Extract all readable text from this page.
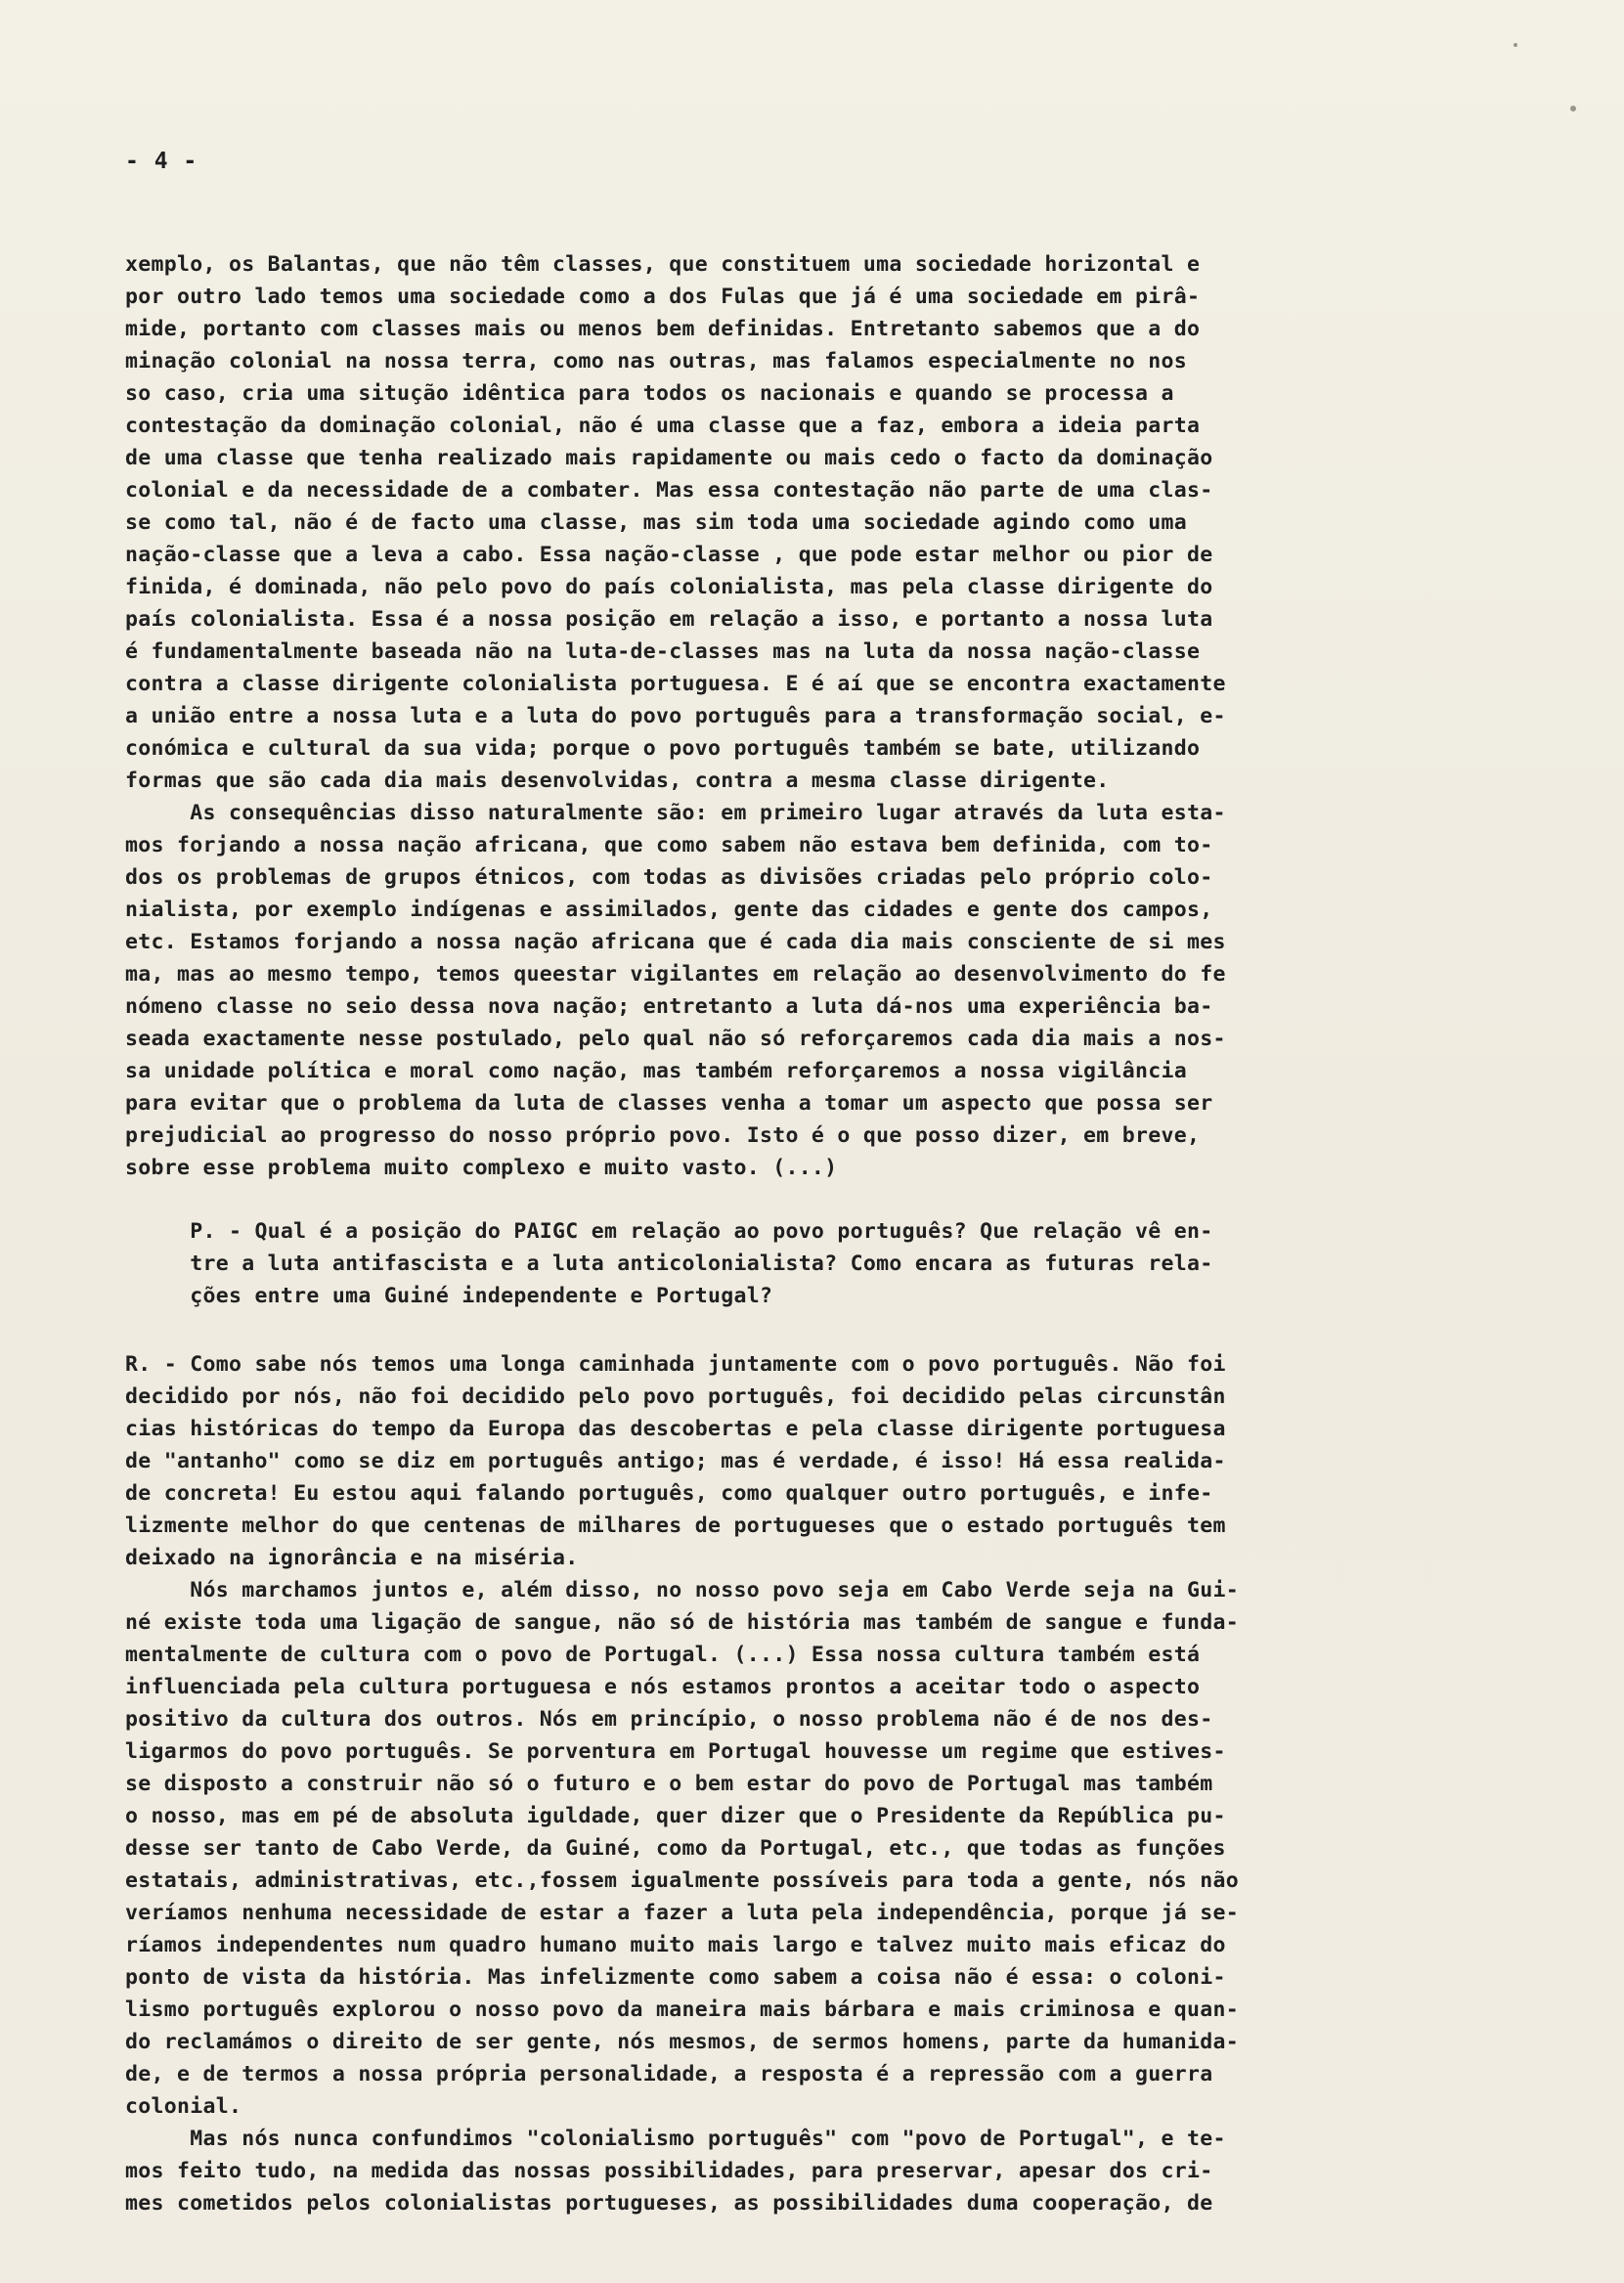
- 4 -
xemplo, os Balantas, que não têm classes, que constituem uma sociedade horizontal e
por outro lado temos uma sociedade como a dos Fulas que já é uma sociedade em pirâ-
mide, portanto com classes mais ou menos bem definidas. Entretanto sabemos que a do
minação colonial na nossa terra, como nas outras, mas falamos especialmente no nos
so caso, cria uma situção idêntica para todos os nacionais e quando se processa a
contestação da dominação colonial, não é uma classe que a faz, embora a ideia parta
de uma classe que tenha realizado mais rapidamente ou mais cedo o facto da dominação
colonial e da necessidade de a combater. Mas essa contestação não parte de uma clas-
se como tal, não é de facto uma classe, mas sim toda uma sociedade agindo como uma
nação-classe que a leva a cabo. Essa nação-classe , que pode estar melhor ou pior de
finida, é dominada, não pelo povo do país colonialista, mas pela classe dirigente do
país colonialista. Essa é a nossa posição em relação a isso, e portanto a nossa luta
é fundamentalmente baseada não na luta-de-classes mas na luta da nossa nação-classe
contra a classe dirigente colonialista portuguesa. E é aí que se encontra exactamente
a união entre a nossa luta e a luta do povo português para a transformação social, e-
conómica e cultural da sua vida; porque o povo português também se bate, utilizando
formas que são cada dia mais desenvolvidas, contra a mesma classe dirigente.
As consequências disso naturalmente são: em primeiro lugar através da luta esta-
mos forjando a nossa nação africana, que como sabem não estava bem definida, com to-
dos os problemas de grupos étnicos, com todas as divisões criadas pelo próprio colo-
nialista, por exemplo indígenas e assimilados, gente das cidades e gente dos campos,
etc. Estamos forjando a nossa nação africana que é cada dia mais consciente de si mes
ma, mas ao mesmo tempo, temos queestar vigilantes em relação ao desenvolvimento do fe
nómeno classe no seio dessa nova nação; entretanto a luta dá-nos uma experiência ba-
seada exactamente nesse postulado, pelo qual não só reforçaremos cada dia mais a nos-
sa unidade política e moral como nação, mas também reforçaremos a nossa vigilância
para evitar que o problema da luta de classes venha a tomar um aspecto que possa ser
prejudicial ao progresso do nosso próprio povo. Isto é o que posso dizer, em breve,
sobre esse problema muito complexo e muito vasto. (...)
P. - Qual é a posição do PAIGC em relação ao povo português? Que relação vê en-
tre a luta antifascista e a luta anticolonialista? Como encara as futuras rela-
ções entre uma Guiné independente e Portugal?
R. - Como sabe nós temos uma longa caminhada juntamente com o povo português. Não foi
decidido por nós, não foi decidido pelo povo português, foi decidido pelas circunstân
cias históricas do tempo da Europa das descobertas e pela classe dirigente portuguesa
de "antanho" como se diz em português antigo; mas é verdade, é isso! Há essa realida-
de concreta! Eu estou aqui falando português, como qualquer outro português, e infe-
lizmente melhor do que centenas de milhares de portugueses que o estado português tem
deixado na ignorância e na miséria.
Nós marchamos juntos e, além disso, no nosso povo seja em Cabo Verde seja na Gui-
né existe toda uma ligação de sangue, não só de história mas também de sangue e funda-
mentalmente de cultura com o povo de Portugal. (...) Essa nossa cultura também está
influenciada pela cultura portuguesa e nós estamos prontos a aceitar todo o aspecto
positivo da cultura dos outros. Nós em princípio, o nosso problema não é de nos des-
ligarmos do povo português. Se porventura em Portugal houvesse um regime que estives-
se disposto a construir não só o futuro e o bem estar do povo de Portugal mas também
o nosso, mas em pé de absoluta iguldade, quer dizer que o Presidente da República pu-
desse ser tanto de Cabo Verde, da Guiné, como da Portugal, etc., que todas as funções
estatais, administrativas, etc.,fossem igualmente possíveis para toda a gente, nós não
veríamos nenhuma necessidade de estar a fazer a luta pela independência, porque já se-
ríamos independentes num quadro humano muito mais largo e talvez muito mais eficaz do
ponto de vista da história. Mas infelizmente como sabem a coisa não é essa: o coloni-
lismo português explorou o nosso povo da maneira mais bárbara e mais criminosa e quan-
do reclamámos o direito de ser gente, nós mesmos, de sermos homens, parte da humanida-
de, e de termos a nossa própria personalidade, a resposta é a repressão com a guerra
colonial.
Mas nós nunca confundimos "colonialismo português" com "povo de Portugal", e te-
mos feito tudo, na medida das nossas possibilidades, para preservar, apesar dos cri-
mes cometidos pelos colonialistas portugueses, as possibilidades duma cooperação, de
